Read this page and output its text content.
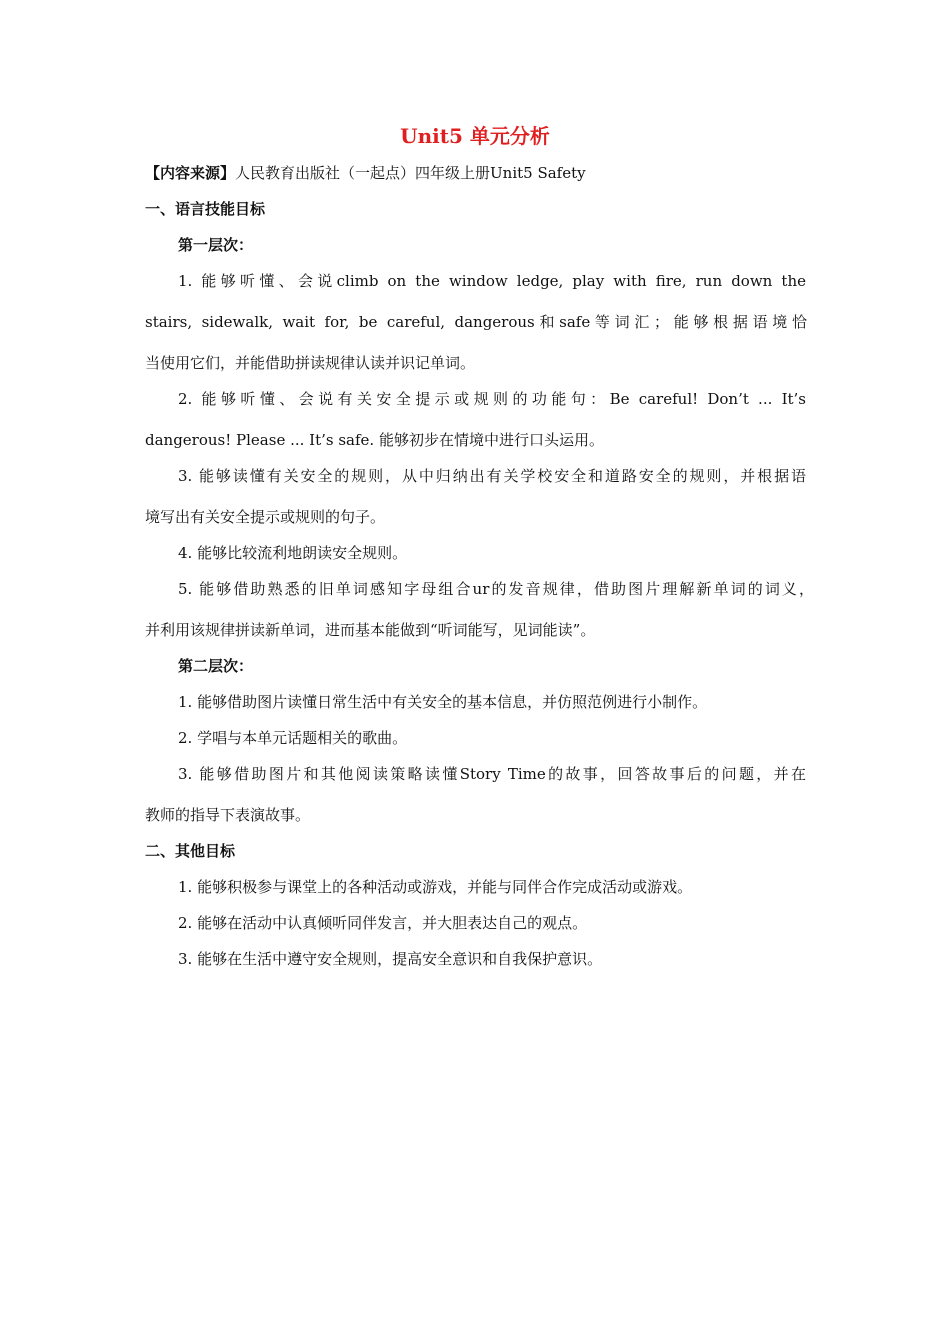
Unit5 单元分析
【内容来源】人民教育出版社（一起点）四年级上册Unit5 Safety
一、语言技能目标
第一层次：
1. 能够听懂、会说climb on the window ledge, play with fire, run down the
stairs, sidewalk, wait for, be careful, dangerous和safe等词汇；能够根据语境恰
当使用它们，并能借助拼读规律认读并识记单词。
2. 能够听懂、会说有关安全提示或规则的功能句：Be careful! Don’t ... It’s
dangerous! Please ... It’s safe. 能够初步在情境中进行口头运用。
3. 能够读懂有关安全的规则，从中归纳出有关学校安全和道路安全的规则，并根据语
境写出有关安全提示或规则的句子。
4. 能够比较流利地朗读安全规则。
5. 能够借助熟悉的旧单词感知字母组合ur的发音规律，借助图片理解新单词的词义，
并利用该规律拼读新单词，进而基本能做到“听词能写，见词能读”。
第二层次：
1. 能够借助图片读懂日常生活中有关安全的基本信息，并仿照范例进行小制作。
2. 学唱与本单元话题相关的歌曲。
3. 能够借助图片和其他阅读策略读懂Story Time的故事，回答故事后的问题，并在
教师的指导下表演故事。
二、其他目标
1. 能够积极参与课堂上的各种活动或游戏，并能与同伴合作完成活动或游戏。
2. 能够在活动中认真倾听同伴发言，并大胆表达自己的观点。
3. 能够在生活中遵守安全规则，提高安全意识和自我保护意识。
